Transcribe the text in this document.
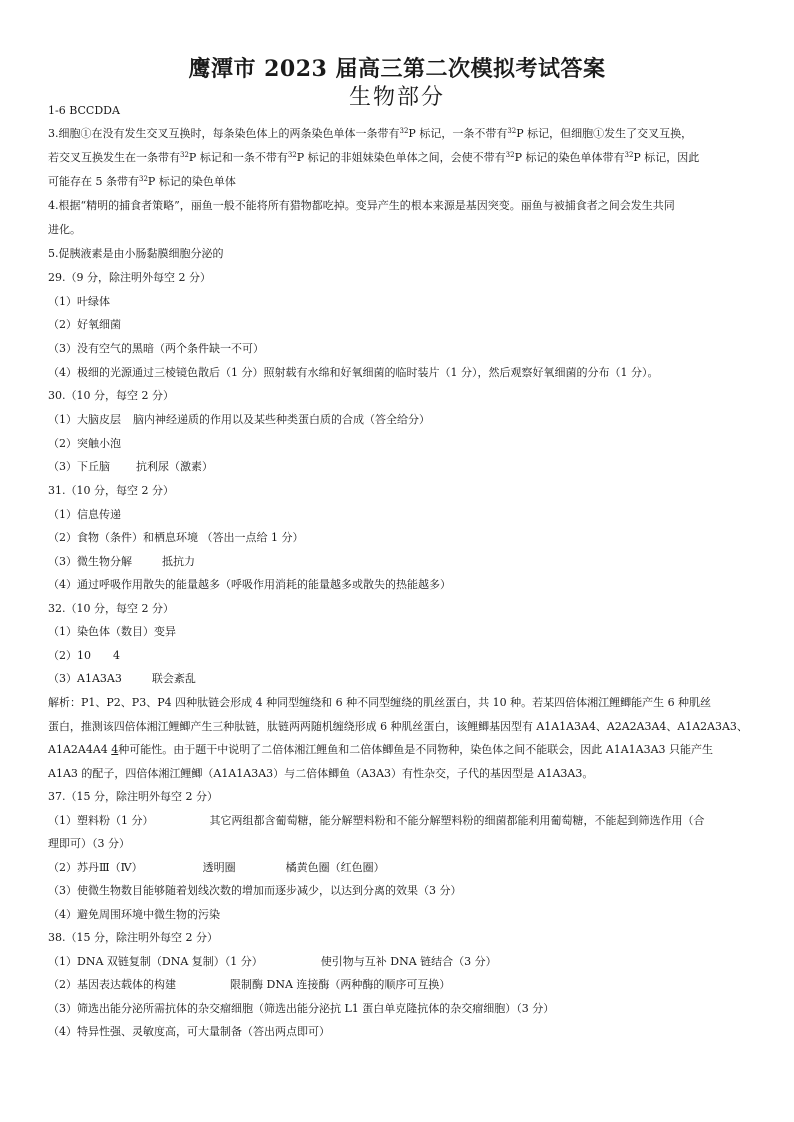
鹰潭市 2023 届高三第二次模拟考试答案
生物部分
1-6 BCCDDA
3.细胞①在没有发生交叉互换时，每条染色体上的两条染色单体一条带有$^{32}$P 标记，一条不带有$^{32}$P 标记，但细胞①发生了交叉互换，
若交叉互换发生在一条带有$^{32}$P 标记和一条不带有$^{32}$P 标记的非姐妹染色单体之间，会使不带有$^{32}$P 标记的染色单体带有$^{32}$P 标记，因此
可能存在 5 条带有$^{32}$P 标记的染色单体
4.根据“精明的捕食者策略”，丽鱼一般不能将所有猎物都吃掉。变异产生的根本来源是基因突变。丽鱼与被捕食者之间会发生共同
进化。
5.促胰液素是由小肠黏膜细胞分泌的
29.（9 分，除注明外每空 2 分）
（1）叶绿体
（2）好氧细菌
（3）没有空气的黑暗（两个条件缺一不可）
（4）极细的光源通过三棱镜色散后（1 分）照射载有水绵和好氧细菌的临时装片（1 分），然后观察好氧细菌的分布（1 分）。
30.（10 分，每空 2 分）
（1）大脑皮层 脑内神经递质的作用以及某些种类蛋白质的合成（答全给分）
（2）突触小泡
（3）下丘脑 抗利尿（激素）
31.（10 分，每空 2 分）
（1）信息传递
（2）食物（条件）和栖息环境 （答出一点给 1 分）
（3）微生物分解	抵抗力
（4）通过呼吸作用散失的能量越多（呼吸作用消耗的能量越多或散失的热能越多）
32.（10 分，每空 2 分）
（1）染色体（数目）变异
（2）10 4
（3）A1A3A3	联会紊乱
解析：P1、P2、P3、P4 四种肽链会形成 4 种同型缠绕和 6 种不同型缠绕的肌丝蛋白，共 10 种。若某四倍体湘江鲤鲫能产生 6 种肌丝
蛋白，推测该四倍体湘江鲤鲫产生三种肽链，肽链两两随机缠绕形成 6 种肌丝蛋白，该鲤鲫基因型有 A1A1A3A4、A2A2A3A4、A1A2A3A3、
A1A2A4A4 4种可能性。由于题干中说明了二倍体湘江鲤鱼和二倍体鲫鱼是不同物种，染色体之间不能联会，因此 A1A1A3A3 只能产生
A1A3 的配子，四倍体湘江鲤鲫（A1A1A3A3）与二倍体鲫鱼（A3A3）有性杂交，子代的基因型是 A1A3A3。
37.（15 分，除注明外每空 2 分）
（1）塑料粉（1 分）	其它两组都含葡萄糖，能分解塑料粉和不能分解塑料粉的细菌都能利用葡萄糖，不能起到筛选作用（合
理即可）（3 分）
（2）苏丹Ⅲ（Ⅳ）	透明圈	橘黄色圈（红色圈）
（3）使微生物数目能够随着划线次数的增加而逐步减少，以达到分离的效果（3 分）
（4）避免周围环境中微生物的污染
38.（15 分，除注明外每空 2 分）
（1）DNA 双链复制（DNA 复制）（1 分）	使引物与互补 DNA 链结合（3 分）
（2）基因表达载体的构建	限制酶 DNA 连接酶（两种酶的顺序可互换）
（3）筛选出能分泌所需抗体的杂交瘤细胞（筛选出能分泌抗 L1 蛋白单克隆抗体的杂交瘤细胞）（3 分）
（4）特异性强、灵敏度高，可大量制备（答出两点即可）
